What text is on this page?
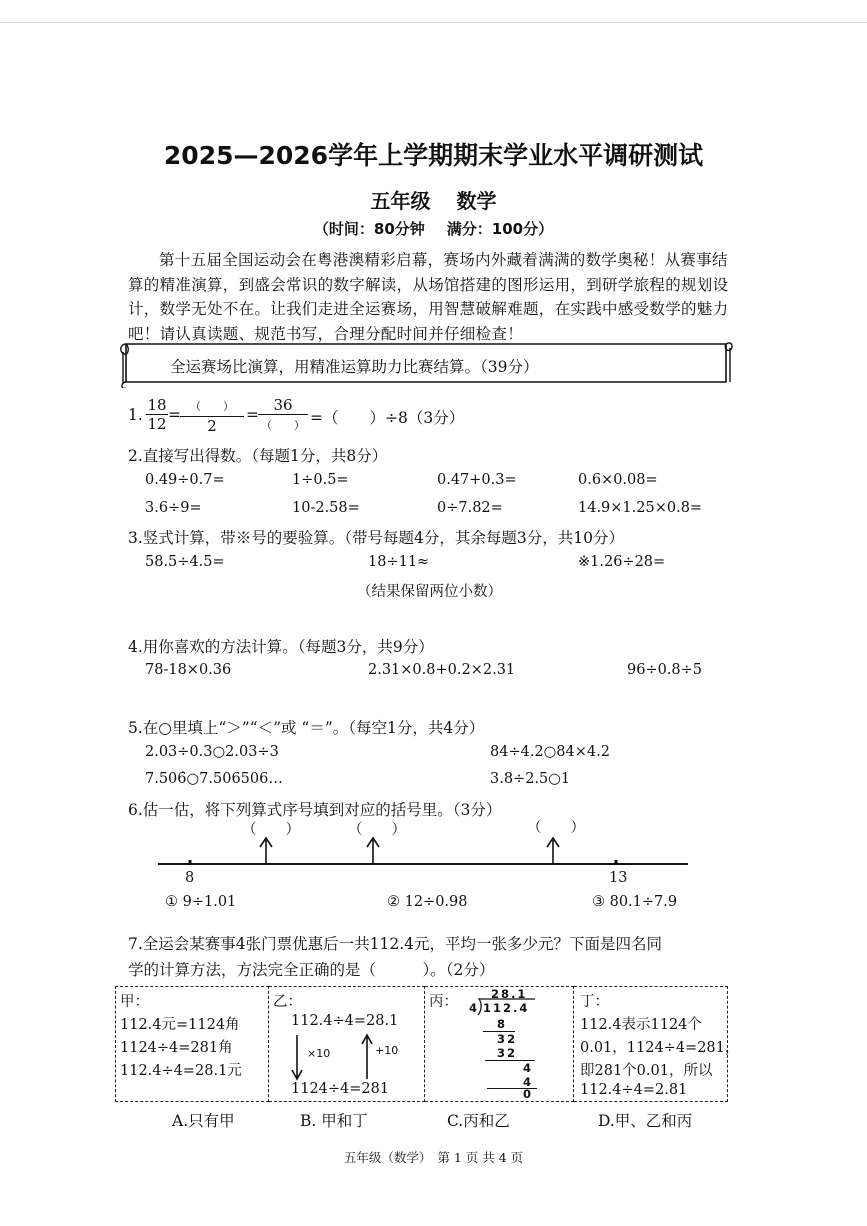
2025—2026学年上学期期末学业水平调研测试
五年级 数学
（时间：80分钟 满分：100分）
第十五届全国运动会在粤港澳精彩启幕，赛场内外藏着满满的数学奥秘！从赛事结算的精准演算，到盛会常识的数字解读，从场馆搭建的图形运用，到研学旅程的规划设计，数学无处不在。让我们走进全运赛场，用智慧破解难题，在实践中感受数学的魅力吧！请认真读题、规范书写，合理分配时间并仔细检查！
全运赛场比演算，用精准运算助力比赛结算。（39分）
1.
18
12 = （　　）
2
=
36
（　　） =（　　）÷8（3分）
2.直接写出得数。（每题1分，共8分）
0.49÷0.7=	1÷0.5=	0.47+0.3=	0.6×0.08=
3.6÷9=	10-2.58=	0÷7.82=	14.9×1.25×0.8=
3.竖式计算，带※号的要验算。（带号每题4分，其余每题3分，共10分）
58.5÷4.5=	18÷11≈	※1.26÷28=
（结果保留两位小数）
4.用你喜欢的方法计算。（每题3分，共9分）
78-18×0.36	2.31×0.8+0.2×2.31	96÷0.8÷5
5.在○里填上“＞”“＜”或 “＝”。（每空1分，共4分）
2.03÷0.3○2.03÷3	84÷4.2○84×4.2
7.506̇○7.506506…	3.8÷2.5○1
6.估一估，将下列算式序号填到对应的括号里。（3分）
（　　）	（　　）	（　　）
8	13
① 9÷1.01	② 12÷0.98	③ 80.1÷7.9
7.全运会某赛事4张门票优惠后一共112.4元，平均一张多少元？下面是四名同
学的计算方法，方法完全正确的是（　　　）。（2分）
甲：
112.4元=1124角
1124÷4=281角
112.4÷4=28.1元

乙：
112.4÷4=28.1
×10	+10
1124÷4=281

丙：	28.1
4 112.4
8
32
32
4
4
0

丁：
112.4表示1124个
0.01，1124÷4=281，
即281个0.01，所以
112.4÷4=2.81
A.只有甲	B. 甲和丁	C.丙和乙	D.甲、乙和丙
五年级（数学） 第 1 页 共 4 页
